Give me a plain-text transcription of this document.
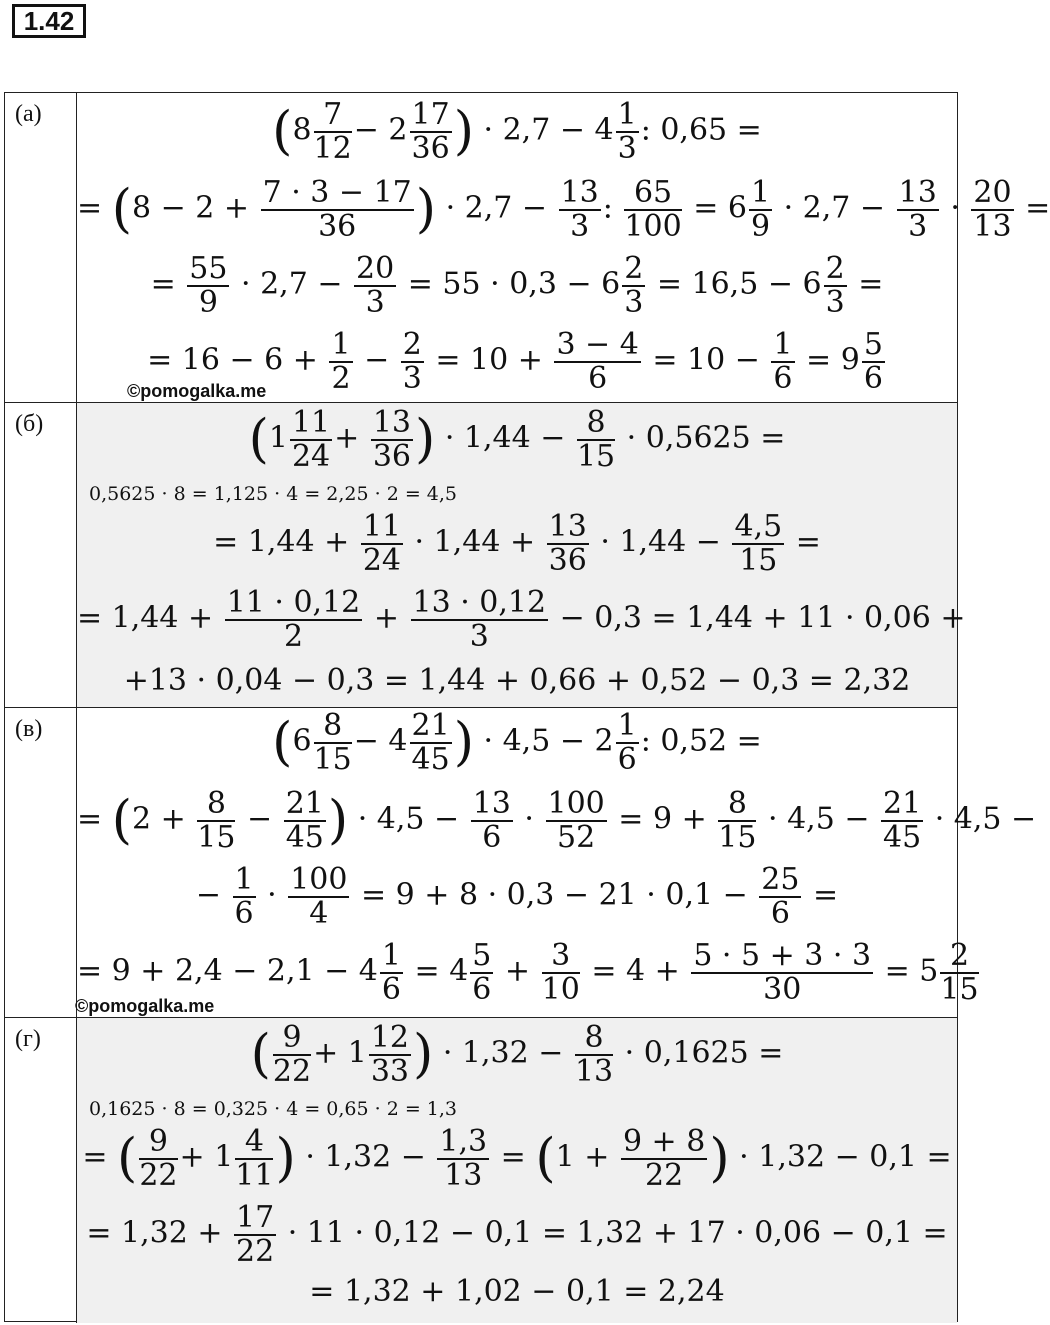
1.42
(а)	($8 \frac{7}{12} - 2 \frac{17}{36}$ ) · $2,7 - 4 \frac{1}{3}$ : 0,65 =
= ($8 - 2 + \frac{7 \cdot 3 - 17}{36}$ ) · $2,7 - \frac{13}{3}$ : $\frac{65}{100} = 6 \frac{1}{9} \cdot 2,7 - \frac{13}{3} \cdot \frac{20}{13}$ =
= $\frac{55}{9} \cdot 2,7 - \frac{20}{3} = 55 \cdot 0,3 - 6 \frac{2}{3} = 16,5 - 6 \frac{2}{3}$ =
= $16 - 6 + \frac{1}{2} - \frac{2}{3} = 10 + \frac{3 - 4}{6} = 10 - \frac{1}{6} = 9 \frac{5}{6}$
©pomogalka.me
(б)	($1 \frac{11}{24} + \frac{13}{36}$ ) · $1,44 - \frac{8}{15} \cdot 0,5625$ =
0,5625 · 8 = 1,125 · 4 = 2,25 · 2 = 4,5
= $1,44 + \frac{11}{24} \cdot 1,44 + \frac{13}{36} \cdot 1,44 - \frac{4,5}{15}$ =
= $1,44 + \frac{11 \cdot 0,12}{2} + \frac{13 \cdot 0,12}{3} - 0,3 = 1,44 + 11 \cdot 0,06$ +
+13 · 0,04 − 0,3 = 1,44 + 0,66 + 0,52 − 0,3 = 2,32
(в)	($6 \frac{8}{15} - 4 \frac{21}{45}$ ) · $4,5 - 2 \frac{1}{6}$ : 0,52 =
= ($2 + \frac{8}{15} - \frac{21}{45}$ ) · $4,5 - \frac{13}{6} \cdot \frac{100}{52} = 9 + \frac{8}{15} \cdot 4,5 - \frac{21}{45} \cdot 4,5$ −
− $\frac{1}{6} \cdot \frac{100}{4} = 9 + 8 \cdot 0,3 - 21 \cdot 0,1 - \frac{25}{6}$ =
= $9 + 2,4 - 2,1 - 4 \frac{1}{6} = 4 \frac{5}{6} + \frac{3}{10} = 4 + \frac{5 \cdot 5 + 3 \cdot 3}{30} = 5 \frac{2}{15}$
©pomogalka.me
(г)	( $\frac{9}{22} + 1 \frac{12}{33}$ ) · $1,32 - \frac{8}{13} \cdot 0,1625$ =
0,1625 · 8 = 0,325 · 4 = 0,65 · 2 = 1,3
= ( $\frac{9}{22} + 1 \frac{4}{11}$ ) · $1,32 - \frac{1,3}{13} = (1 + \frac{9 + 8}{22}$ ) · 1,32 − 0,1 =
= $1,32 + \frac{17}{22} \cdot 11 \cdot 0,12 - 0,1 = 1,32 + 17 \cdot 0,06 - 0,1$ =
= 1,32 + 1,02 − 0,1 = 2,24
